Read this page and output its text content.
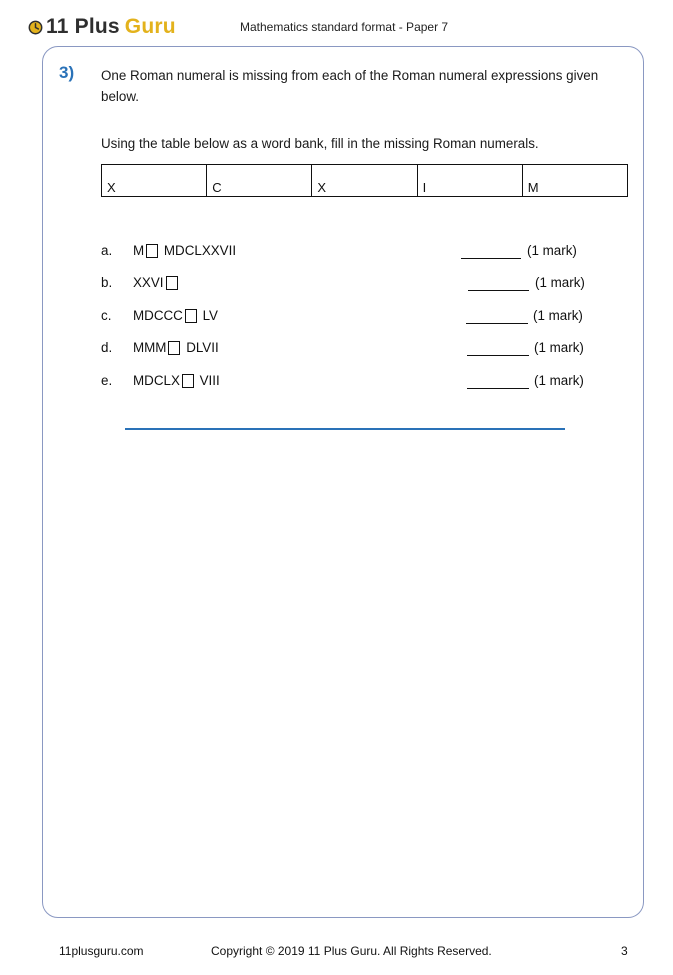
11 Plus Guru	Mathematics standard format - Paper 7
3) One Roman numeral is missing from each of the Roman numeral expressions given below.
Using the table below as a word bank, fill in the missing Roman numerals.
X	C	X	I	M
a. M MDCLXXVII	(1 mark)
b. XXVI	(1 mark)
c. MDCCC LV	(1 mark)
d. MMM DLVII	(1 mark)
e. MDCLX VIII	(1 mark)
11plusguru.com	Copyright © 2019 11 Plus Guru. All Rights Reserved.	3
